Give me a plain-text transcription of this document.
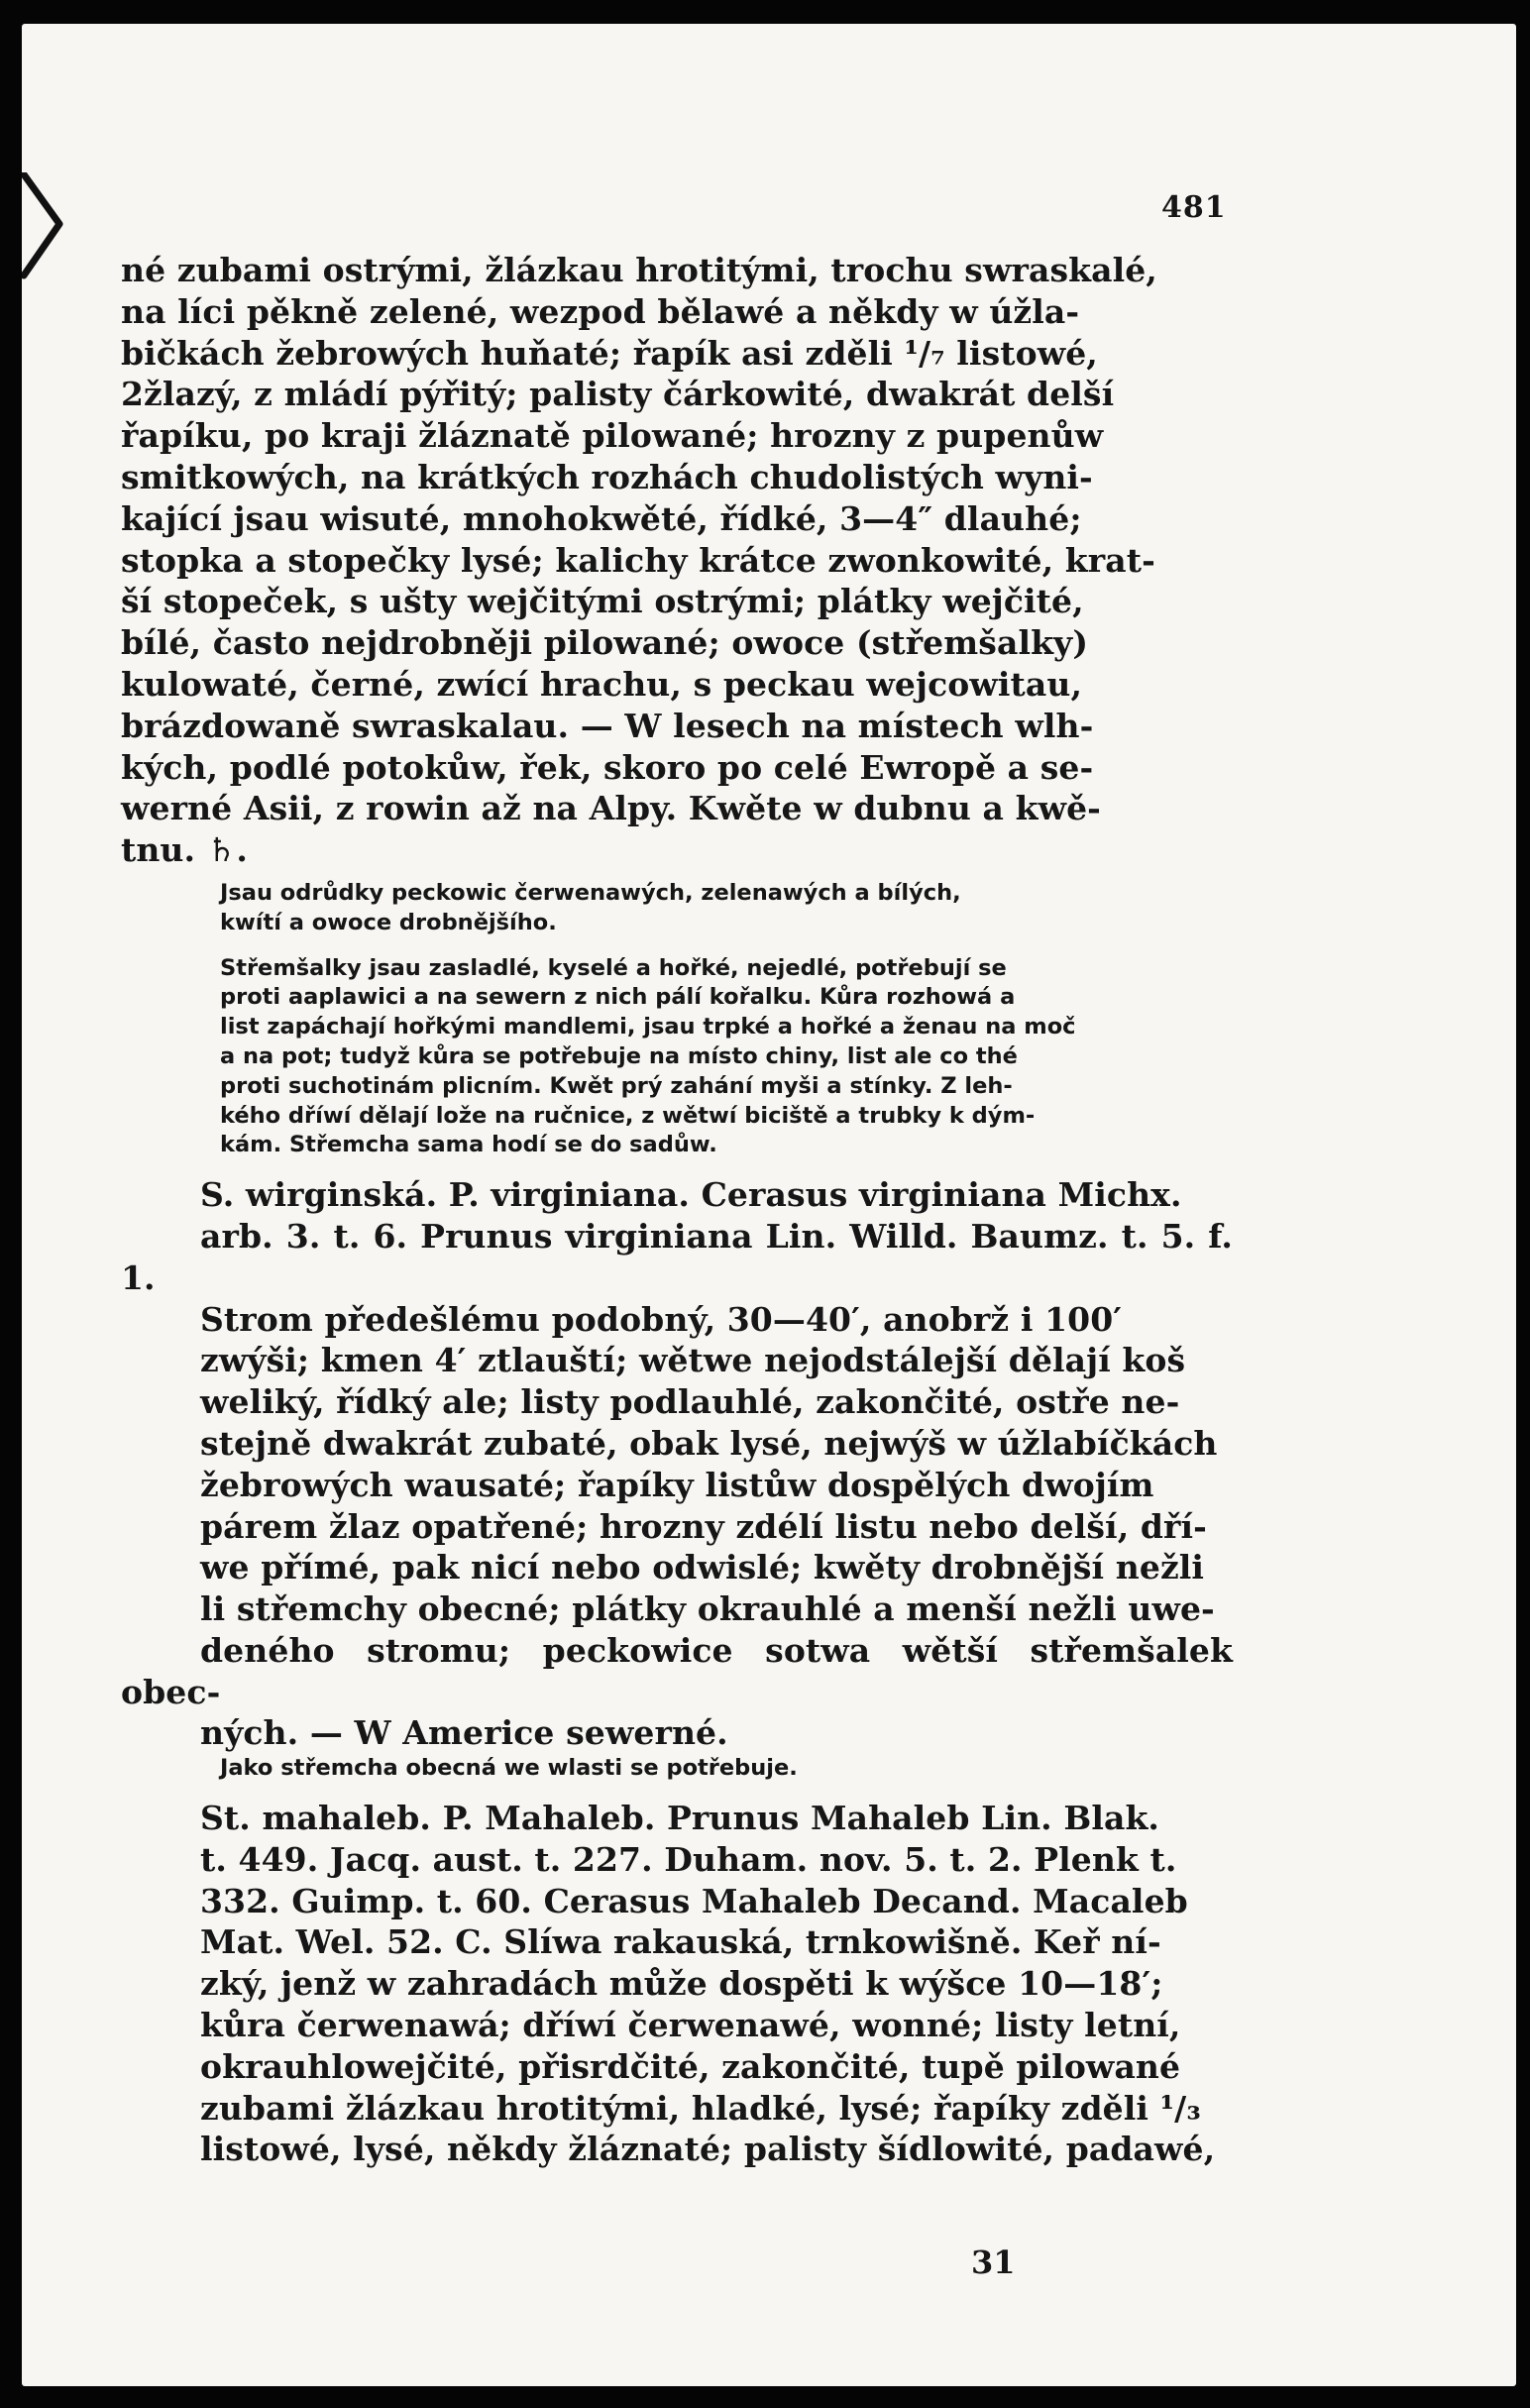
481

né zubami ostrými, žlázkau hrotitými, trochu swraskalé,
na líci pěkně zelené, wezpod bělawé a někdy w úžla-
bičkách žebrowých huňaté; řapík asi zděli ¹/₇ listowé,
2žlazý, z mládí pýřitý; palisty čárkowité, dwakrát delší
řapíku, po kraji žláznatě pilowané; hrozny z pupenůw
smitkowých, na krátkých rozhách chudolistých wyni-
kající jsau wisuté, mnohokwěté, řídké, 3—4″ dlauhé;
stopka a stopečky lysé; kalichy krátce zwonkowité, krat-
ší stopeček, s ušty wejčitými ostrými; plátky wejčité,
bílé, často nejdrobněji pilowané; owoce (střemšalky)
kulowaté, černé, zwící hrachu, s peckau wejcowitau,
brázdowaně swraskalau. — W lesech na místech wlh-
kých, podlé potokůw, řek, skoro po celé Ewropě a se-
werné Asii, z rowin až na Alpy. Kwěte w dubnu a kwě-
tnu. ♄.

Jsau odrůdky peckowic čerwenawých, zelenawých a bílých,
kwítí a owoce drobnějšího.

Střemšalky jsau zasladlé, kyselé a hořké, nejedlé, potřebují se
proti aaplawici a na sewern z nich pálí kořalku. Kůra rozhowá a
list zapáchají hořkými mandlemi, jsau trpké a hořké a ženau na moč
a na pot; tudyž kůra se potřebuje na místo chiny, list ale co thé
proti suchotinám plicním. Kwět prý zahání myši a stínky. Z leh-
kého dříwí dělají lože na ručnice, z wětwí biciště a trubky k dým-
kám. Střemcha sama hodí se do sadůw.

S. wirginská. P. virginiana. Cerasus virginiana Michx.
arb. 3. t. 6. Prunus virginiana Lin. Willd. Baumz. t. 5. f. 1.
Strom předešlému podobný, 30—40′, anobrž i 100′
zwýši; kmen 4′ ztlauští; wětwe nejodstálejší dělají koš
weliký, řídký ale; listy podlauhlé, zakončité, ostře ne-
stejně dwakrát zubaté, obak lysé, nejwýš w úžlabíčkách
žebrowých wausaté; řapíky listůw dospělých dwojím
párem žlaz opatřené; hrozny zdélí listu nebo delší, dří-
we přímé, pak nicí nebo odwislé; kwěty drobnější nežli
li střemchy obecné; plátky okrauhlé a menší nežli uwe-
deného stromu; peckowice sotwa wětší střemšalek obec-
ných. — W Americe sewerné.

Jako střemcha obecná we wlasti se potřebuje.

St. mahaleb. P. Mahaleb. Prunus Mahaleb Lin. Blak.
t. 449. Jacq. aust. t. 227. Duham. nov. 5. t. 2. Plenk t.
332. Guimp. t. 60. Cerasus Mahaleb Decand. Macaleb
Mat. Wel. 52. C. Slíwa rakauská, trnkowišně. Keř ní-
zký, jenž w zahradách může dospěti k wýšce 10—18′;
kůra čerwenawá; dříwí čerwenawé, wonné; listy letní,
okrauhlowejčité, přisrdčité, zakončité, tupě pilowané
zubami žlázkau hrotitými, hladké, lysé; řapíky zděli ¹/₃
listowé, lysé, někdy žláznaté; palisty šídlowité, padawé,

31
